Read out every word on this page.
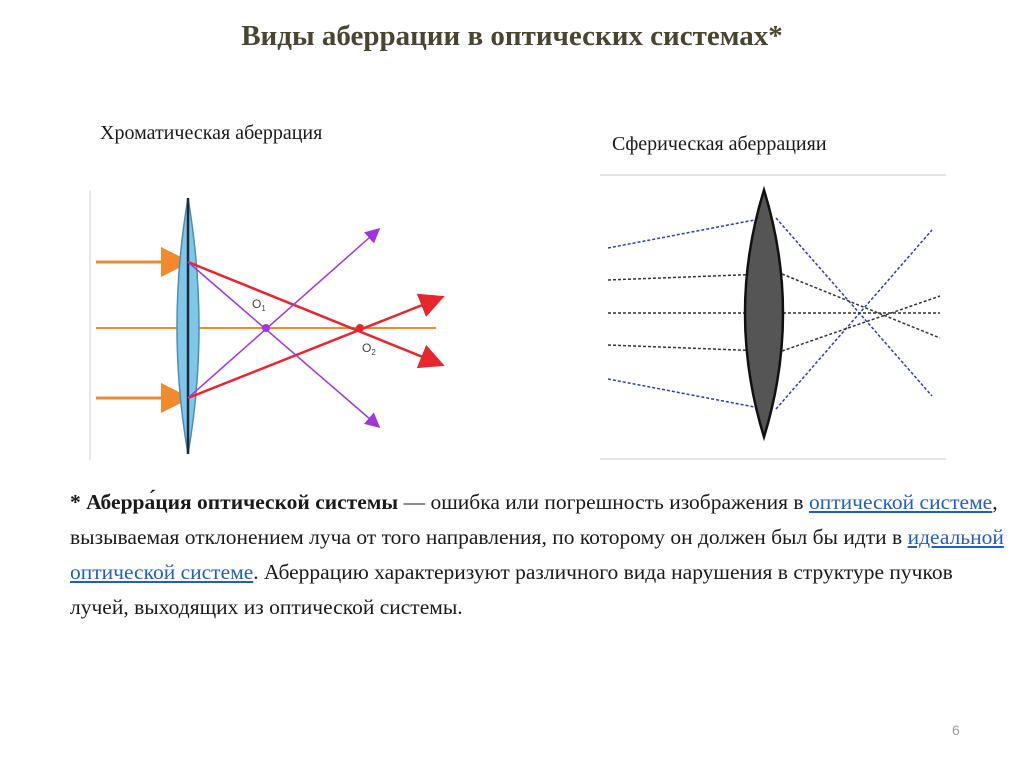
Виды аберрации в оптических системах*
Хроматическая аберрация	Сферическая аберрацияи
$O_1$
$O_2$
* Аберра́ция оптической системы — ошибка или погрешность изображения в оптической системе, вызываемая отклонением луча от того направления, по которому он должен был бы идти в идеальной оптической системе. Аберрацию характеризуют различного вида нарушения в структуре пучков лучей, выходящих из оптической системы.
6
